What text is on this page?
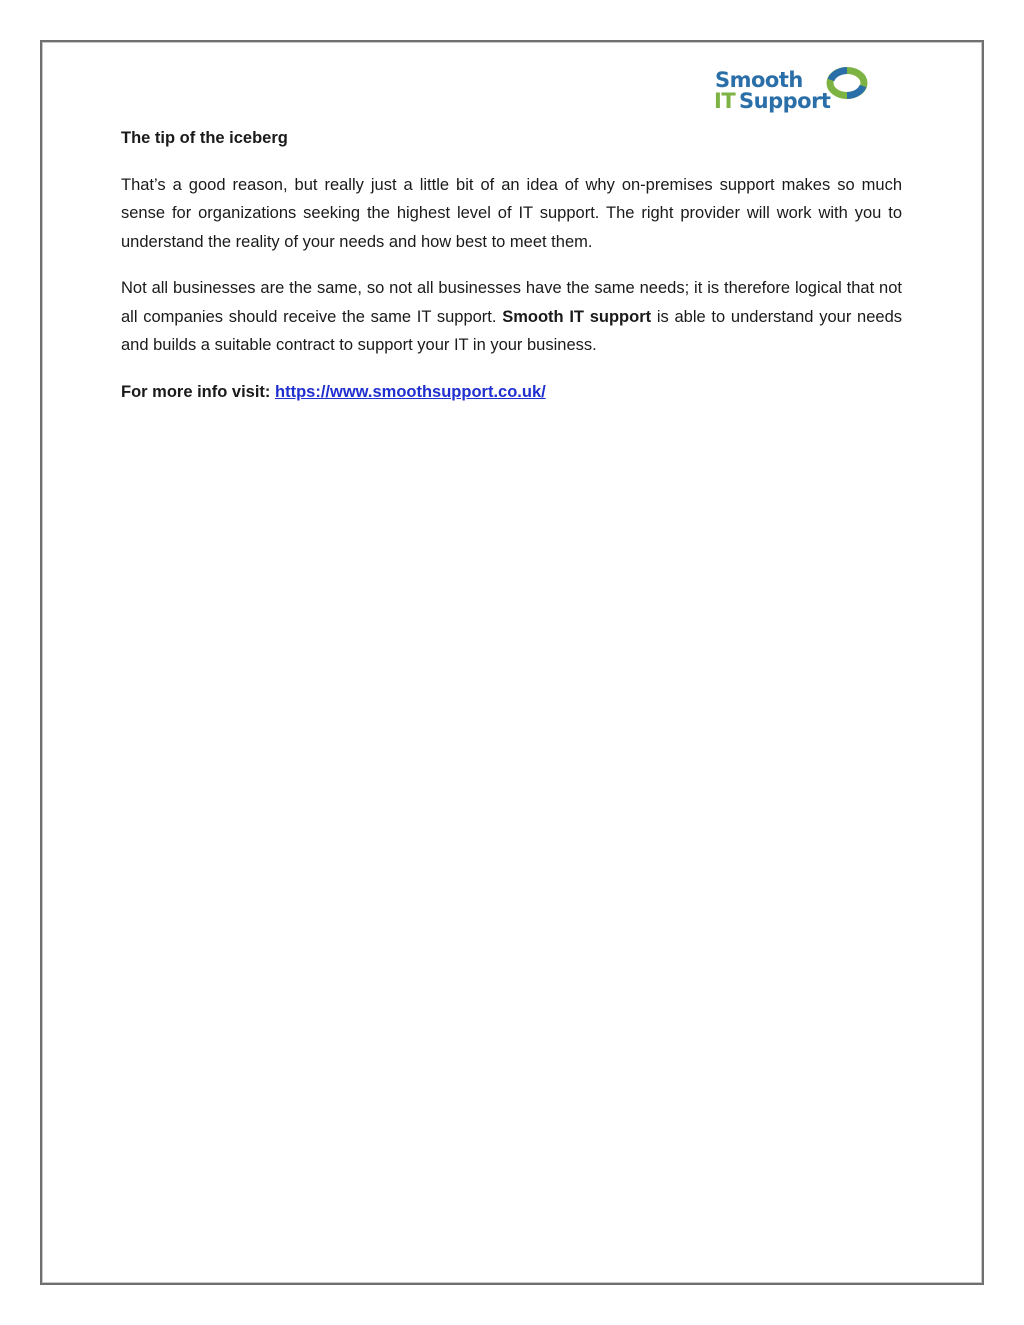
Smooth
IT Support

The tip of the iceberg

That’s a good reason, but really just a little bit of an idea of why on-premises support makes so much sense for organizations seeking the highest level of IT support. The right provider will work with you to understand the reality of your needs and how best to meet them.

Not all businesses are the same, so not all businesses have the same needs; it is therefore logical that not all companies should receive the same IT support. Smooth IT support is able to understand your needs and builds a suitable contract to support your IT in your business.

For more info visit: https://www.smoothsupport.co.uk/
